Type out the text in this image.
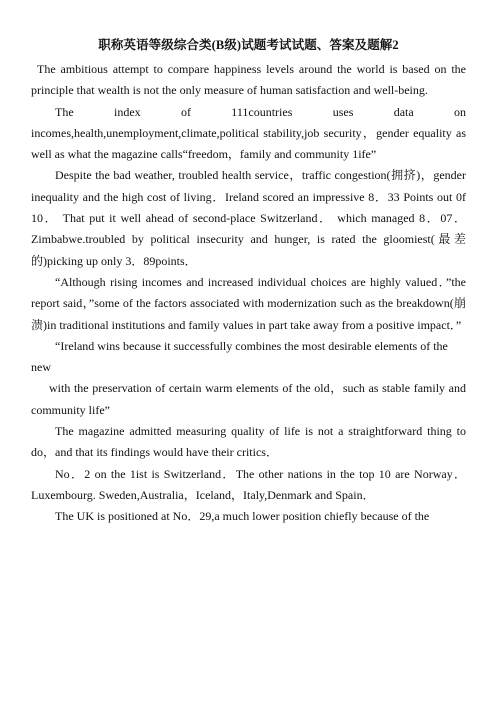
职称英语等级综合类(B级)试题考试试题、答案及题解2

The ambitious attempt to compare happiness levels around the world is based on the principle that wealth is not the only measure of human satisfaction and well-being.

The index of 111countries uses data on incomes,health,unemployment,climate,political stability,job security，gender equality as well as what the magazine calls“freedom，family and community 1ife”

Despite the bad weather, troubled health service，traffic congestion(拥挤)，gender inequality and the high cost of living．Ireland scored an impressive 8．33 Points out 0f 10． That put it well ahead of second-place Switzerland． which managed 8．07．Zimbabwe.troubled by political insecurity and hunger, is rated the gloomiest(最差的)picking up only 3．89points．

“Although rising incomes and increased individual choices are highly valued．”the report said，”some of the factors associated with modernization such as the breakdown(崩溃)in traditional institutions and family values in part take away from a positive impact．”

“Ireland wins because it successfully combines the most desirable elements of the new

with the preservation of certain warm elements of the old，such as stable family and community life”

The magazine admitted measuring quality of life is not a straightforward thing to do，and that its findings would have their critics．

No．2 on the 1ist is Switzerland．The other nations in the top 10 are Norway．Luxembourg. Sweden,Australia，Iceland，Italy,Denmark and Spain．

The UK is positioned at No．29,a much lower position chiefly because of the
